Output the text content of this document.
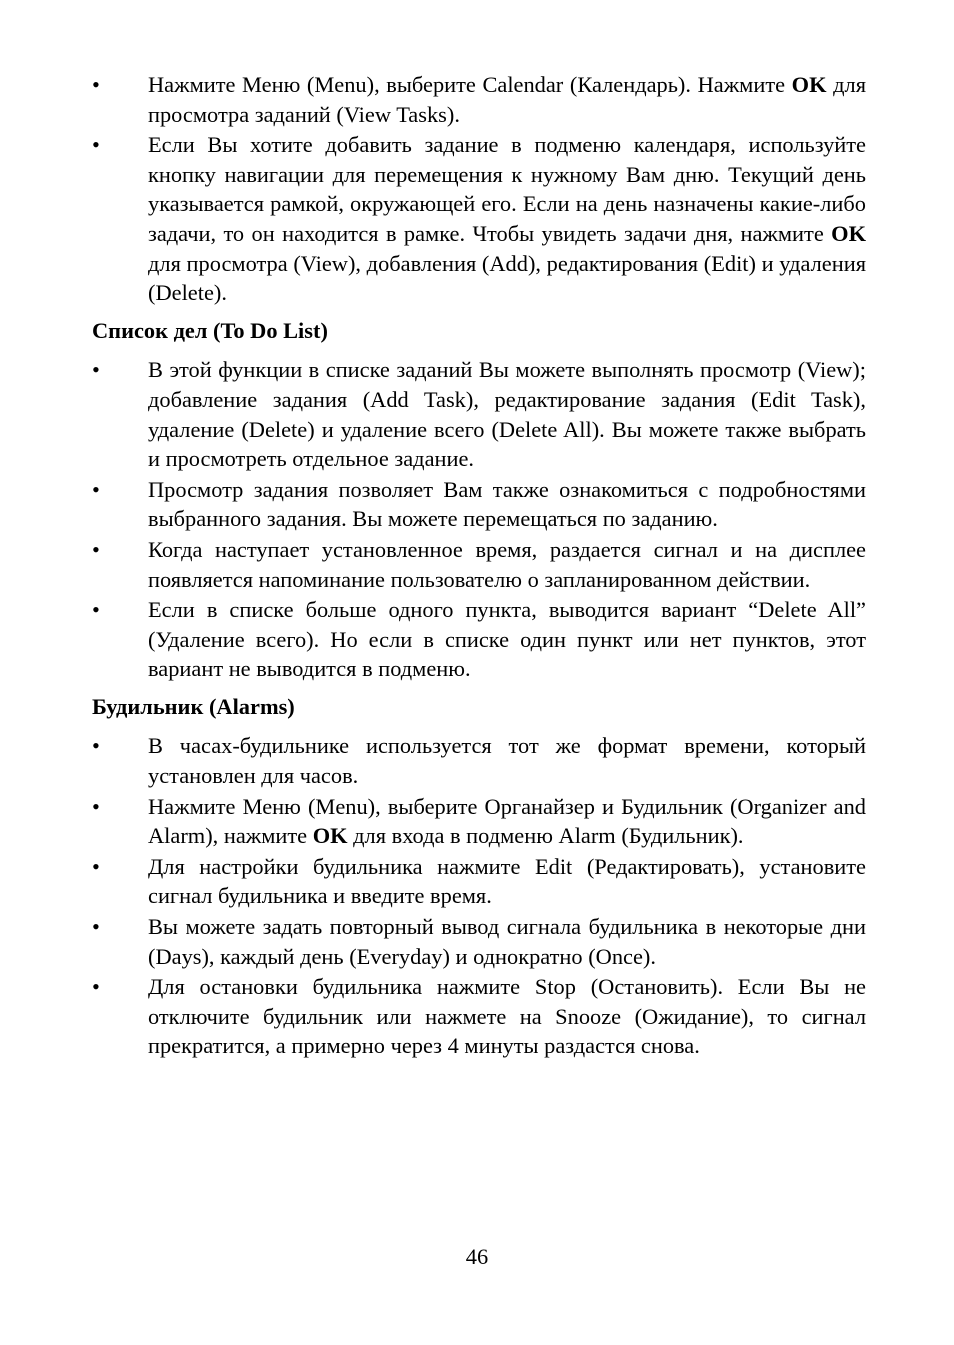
• Нажмите Меню (Menu), выберите Calendar (Календарь). Нажмите OK для просмотра заданий (View Tasks).
• Если Вы хотите добавить задание в подменю календаря, используйте кнопку навигации для перемещения к нужному Вам дню. Текущий день указывается рамкой, окружающей его. Если на день назначены какие-либо задачи, то он находится в рамке. Чтобы увидеть задачи дня, нажмите OK для просмотра (View), добавления (Add), редактирования (Edit) и удаления (Delete).
Список дел (To Do List)
• В этой функции в списке заданий Вы можете выполнять просмотр (View); добавление задания (Add Task), редактирование задания (Edit Task), удаление (Delete) и удаление всего (Delete All). Вы можете также выбрать и просмотреть отдельное задание.
• Просмотр задания позволяет Вам также ознакомиться с подробностями выбранного задания. Вы можете перемещаться по заданию.
• Когда наступает установленное время, раздается сигнал и на дисплее появляется напоминание пользователю о запланированном действии.
• Если в списке больше одного пункта, выводится вариант “Delete All” (Удаление всего). Но если в списке один пункт или нет пунктов, этот вариант не выводится в подменю.
Будильник (Alarms)
• В часах-будильнике используется тот же формат времени, который установлен для часов.
• Нажмите Меню (Menu), выберите Органайзер и Будильник (Organizer and Alarm), нажмите OK для входа в подменю Alarm (Будильник).
• Для настройки будильника нажмите Edit (Редактировать), установите сигнал будильника и введите время.
• Вы можете задать повторный вывод сигнала будильника в некоторые дни (Days), каждый день (Everyday) и однократно (Once).
• Для остановки будильника нажмите Stop (Остановить). Если Вы не отключите будильник или нажмете на Snooze (Ожидание), то сигнал прекратится, а примерно через 4 минуты раздастся снова.
46
